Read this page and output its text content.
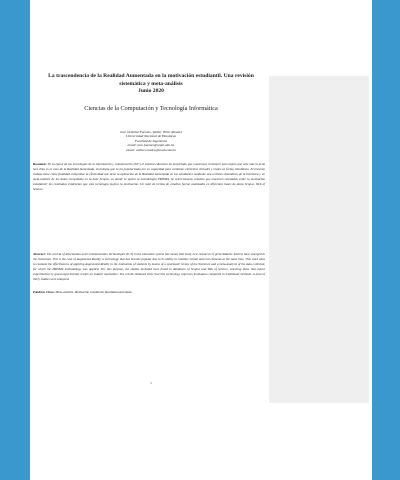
La trascendencia de la Realidad Aumentada en la motivación estudiantil. Una revisión sistemática y meta-análisis
Junio 2020
Ciencias de la Computación y Tecnología Informática
José Ordoñez Fuentes, Walter Villar Rosales
Universidad Nacional de Honduras
Facultad de Ingeniería
email: jose.fuentes@unah.edu.hn
email: walter.rosales@unah.edu.hn
Resumen: En la época de las tecnologías de la información y comunicación (TIC) el sistema educativo ha propiciado que numerosas revisiones sean objeto que vale más la pena leer. Esto es el caso de la Realidad Aumentada, tecnología que se ha popularizado por su capacidad para combinar elementos virtuales y reales en forma simultánea. El presente trabajo tiene como finalidad comprobar la efectividad que tiene la aplicación de la Realidad Aumentada en los estudiantes mediante una revisión sistemática de la literatura y un meta-análisis de los datos recopilados en la base Scopus, en donde se aplicó la metodología PRISMA. Se seleccionaron estudios que muestran resultados sobre la motivación estudiantil; los resultados evidencian que esta tecnología mejora la motivación. Un total de treinta de estudios fueron analizados en diferentes bases de datos Scopus, Web of Science.
Abstract: The arrival of Information and Communication Technologies (ICT) in the education system has meant that many new resources of great didactic interest have emerged in the classroom. This is the case of Augmented Reality, a technology that has become popular due to its ability to combine virtual and real elements at the same time. This work aims to evaluate the effectiveness of applying Augmented Reality to the motivation of students by means of a systematic review of the literature and a meta-analysis of the data collected, for which the PRISMA methodology was applied. For this purpose, the studies included were found in databases of Scopus and Web of Science, selecting those that report experimental or quasi-experimental results on student motivation. The results obtained show that this technology improves motivation compared to traditional methods. A total of thirty studies were analyzed.
Palabras Clave: Meta-análisis, Motivación estudiantil, Realidad aumentada
1
